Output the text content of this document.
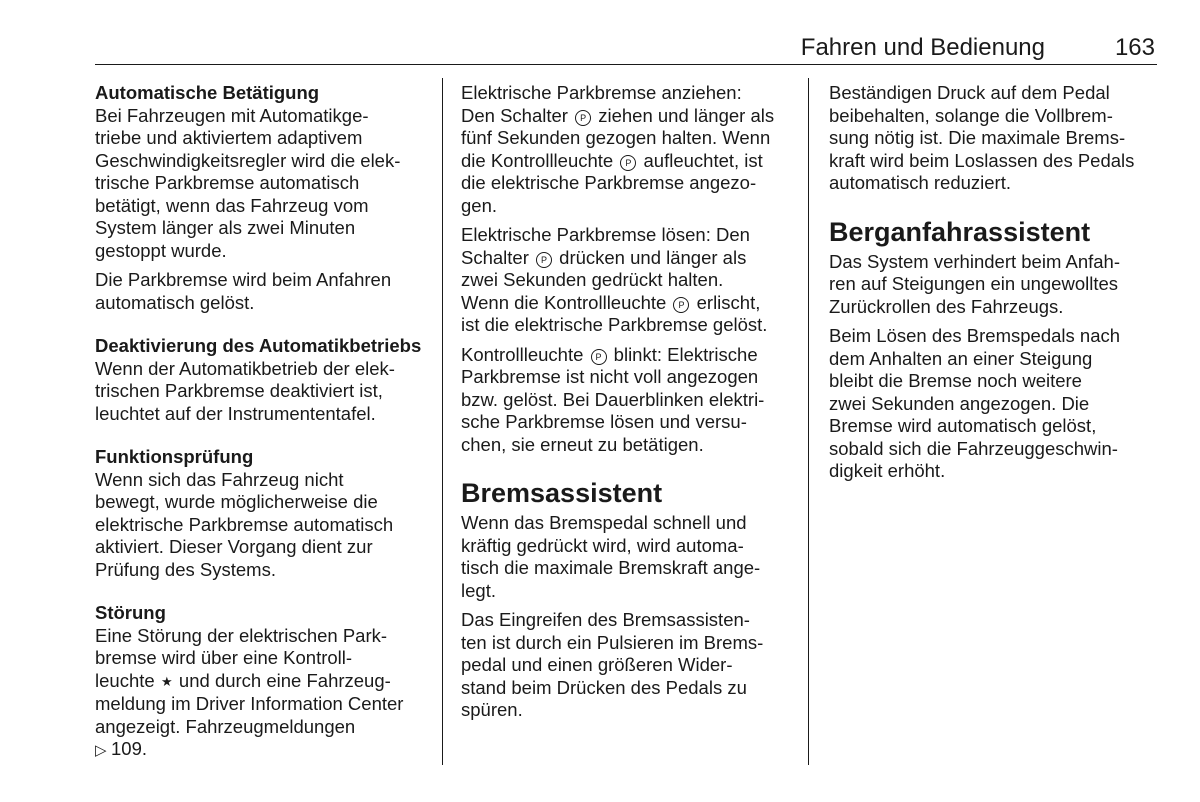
Fahren und Bedienung	163
Automatische Betätigung
Bei Fahrzeugen mit Automatikge-
triebe und aktiviertem adaptivem
Geschwindigkeitsregler wird die elek-
trische Parkbremse automatisch
betätigt, wenn das Fahrzeug vom
System länger als zwei Minuten
gestoppt wurde.
Die Parkbremse wird beim Anfahren
automatisch gelöst.
Deaktivierung des Automatikbetriebs
Wenn der Automatikbetrieb der elek-
trischen Parkbremse deaktiviert ist,
leuchtet auf der Instrumententafel.
Funktionsprüfung
Wenn sich das Fahrzeug nicht
bewegt, wurde möglicherweise die
elektrische Parkbremse automatisch
aktiviert. Dieser Vorgang dient zur
Prüfung des Systems.
Störung
Eine Störung der elektrischen Park-
bremse wird über eine Kontroll-
leuchte ★ und durch eine Fahrzeug-
meldung im Driver Information Center
angezeigt. Fahrzeugmeldungen
▷ 109.
Elektrische Parkbremse anziehen:
Den Schalter P ziehen und länger als
fünf Sekunden gezogen halten. Wenn
die Kontrollleuchte P aufleuchtet, ist
die elektrische Parkbremse angezo-
gen.
Elektrische Parkbremse lösen: Den
Schalter P drücken und länger als
zwei Sekunden gedrückt halten.
Wenn die Kontrollleuchte P erlischt,
ist die elektrische Parkbremse gelöst.
Kontrollleuchte P blinkt: Elektrische
Parkbremse ist nicht voll angezogen
bzw. gelöst. Bei Dauerblinken elektri-
sche Parkbremse lösen und versu-
chen, sie erneut zu betätigen.
Bremsassistent
Wenn das Bremspedal schnell und
kräftig gedrückt wird, wird automa-
tisch die maximale Bremskraft ange-
legt.
Das Eingreifen des Bremsassisten-
ten ist durch ein Pulsieren im Brems-
pedal und einen größeren Wider-
stand beim Drücken des Pedals zu
spüren.
Beständigen Druck auf dem Pedal
beibehalten, solange die Vollbrem-
sung nötig ist. Die maximale Brems-
kraft wird beim Loslassen des Pedals
automatisch reduziert.
Berganfahrassistent
Das System verhindert beim Anfah-
ren auf Steigungen ein ungewolltes
Zurückrollen des Fahrzeugs.
Beim Lösen des Bremspedals nach
dem Anhalten an einer Steigung
bleibt die Bremse noch weitere
zwei Sekunden angezogen. Die
Bremse wird automatisch gelöst,
sobald sich die Fahrzeuggeschwin-
digkeit erhöht.
